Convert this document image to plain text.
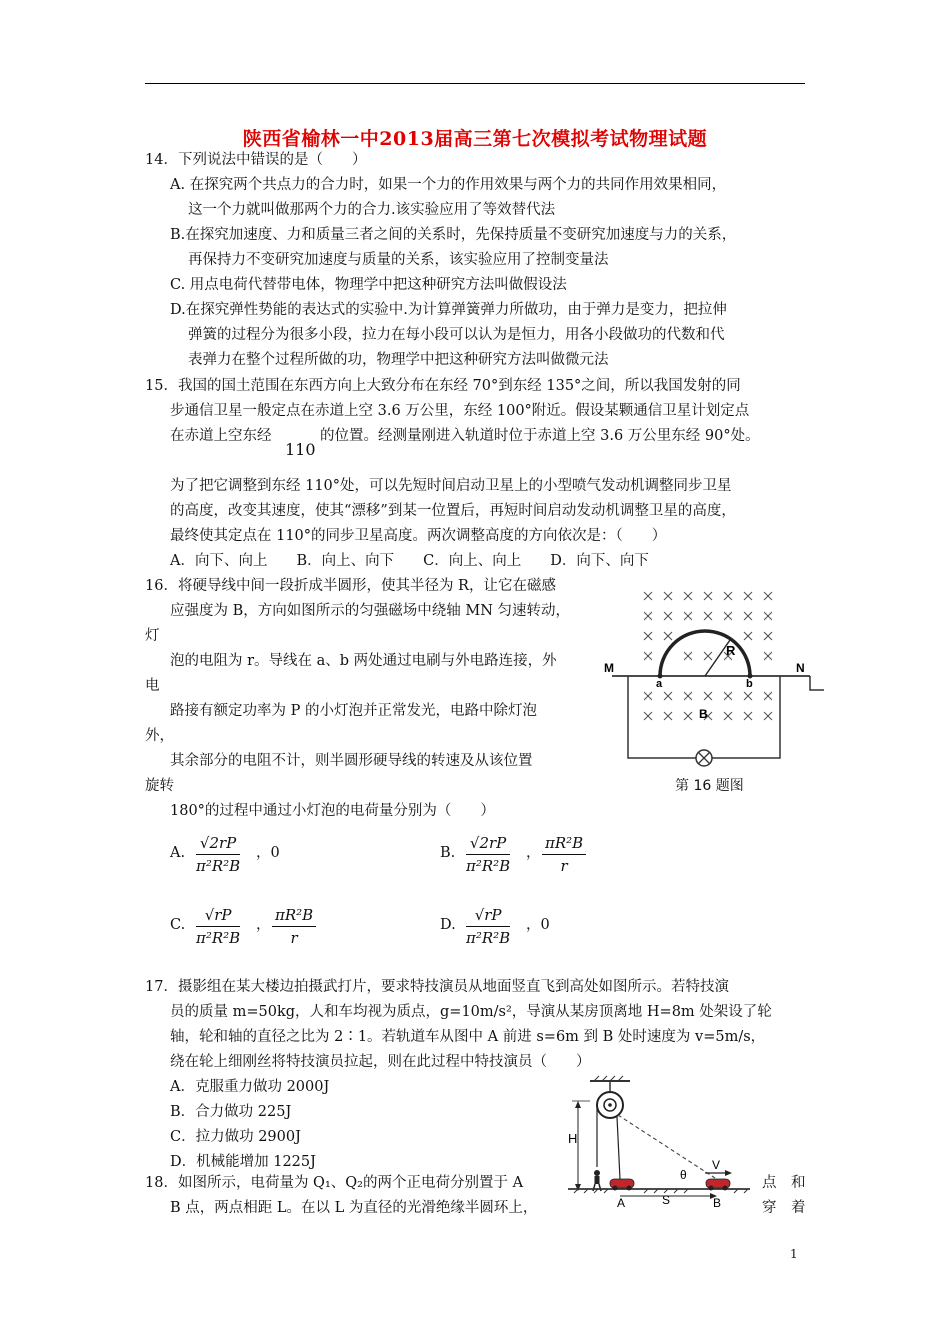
陕西省榆林一中2013届高三第七次模拟考试物理试题
14．下列说法中错误的是（　　）
A. 在探究两个共点力的合力时，如果一个力的作用效果与两个力的共同作用效果相同，
这一个力就叫做那两个力的合力.该实验应用了等效替代法
B.在探究加速度、力和质量三者之间的关系时，先保持质量不变研究加速度与力的关系，
再保持力不变研究加速度与质量的关系，该实验应用了控制变量法
C. 用点电荷代替带电体，物理学中把这种研究方法叫做假设法
D.在探究弹性势能的表达式的实验中.为计算弹簧弹力所做功，由于弹力是变力，把拉伸
弹簧的过程分为很多小段，拉力在每小段可以认为是恒力，用各小段做功的代数和代
表弹力在整个过程所做的功，物理学中把这种研究方法叫做微元法
15．我国的国土范围在东西方向上大致分布在东经 70°到东经 135°之间，所以我国发射的同
步通信卫星一般定点在赤道上空 3.6 万公里，东经 100°附近。假设某颗通信卫星计划定点
在赤道上空东经
110
的位置。经测量刚进入轨道时位于赤道上空 3.6 万公里东经 90°处。
为了把它调整到东经 110°处，可以先短时间启动卫星上的小型喷气发动机调整同步卫星
的高度，改变其速度，使其“漂移”到某一位置后，再短时间启动发动机调整卫星的高度，
最终使其定点在 110°的同步卫星高度。两次调整高度的方向依次是：（　　）
A．向下、向上　　B．向上、向下　　C．向上、向上　　D．向下、向下
16．将硬导线中间一段折成半圆形，使其半径为 R，让它在磁感
应强度为 B，方向如图所示的匀强磁场中绕轴 MN 匀速转动，
灯
泡的电阻为 r。导线在 a、b 两处通过电刷与外电路连接，外
电
路接有额定功率为 P 的小灯泡并正常发光，电路中除灯泡
外，
其余部分的电阻不计，则半圆形硬导线的转速及从该位置
旋转
180°的过程中通过小灯泡的电荷量分别为（　　）
M	N
R
a	b
B
第 16 题图
A. $\frac{√2rP}{\text{π²R²B}}$ ，0	B. $\frac{√2rP}{\text{π²R²B}}$ ， $\frac{\text{πR²B}}{r}$
C. $\frac{√rP}{\text{π²R²B}}$ ， $\frac{\text{πR²B}}{r}$	D. $\frac{√rP}{\text{π²R²B}}$ ，0
17．摄影组在某大楼边拍摄武打片，要求特技演员从地面竖直飞到高处如图所示。若特技演
员的质量 m=50kg，人和车均视为质点，g=10m/s²，导演从某房顶离地 H=8m 处架设了轮
轴，轮和轴的直径之比为 2∶1。若轨道车从图中 A 前进 s=6m 到 B 处时速度为 v=5m/s，
绕在轮上细刚丝将特技演员拉起，则在此过程中特技演员（　　）
A．克服重力做功 2000J
B．合力做功 225J
C．拉力做功 2900J
D．机械能增加 1225J
H
V
θ
S
A	B
18．如图所示，电荷量为 Q₁、Q₂的两个正电荷分别置于 A	点　和
B 点，两点相距 L。在以 L 为直径的光滑绝缘半圆环上，	穿　着
1
